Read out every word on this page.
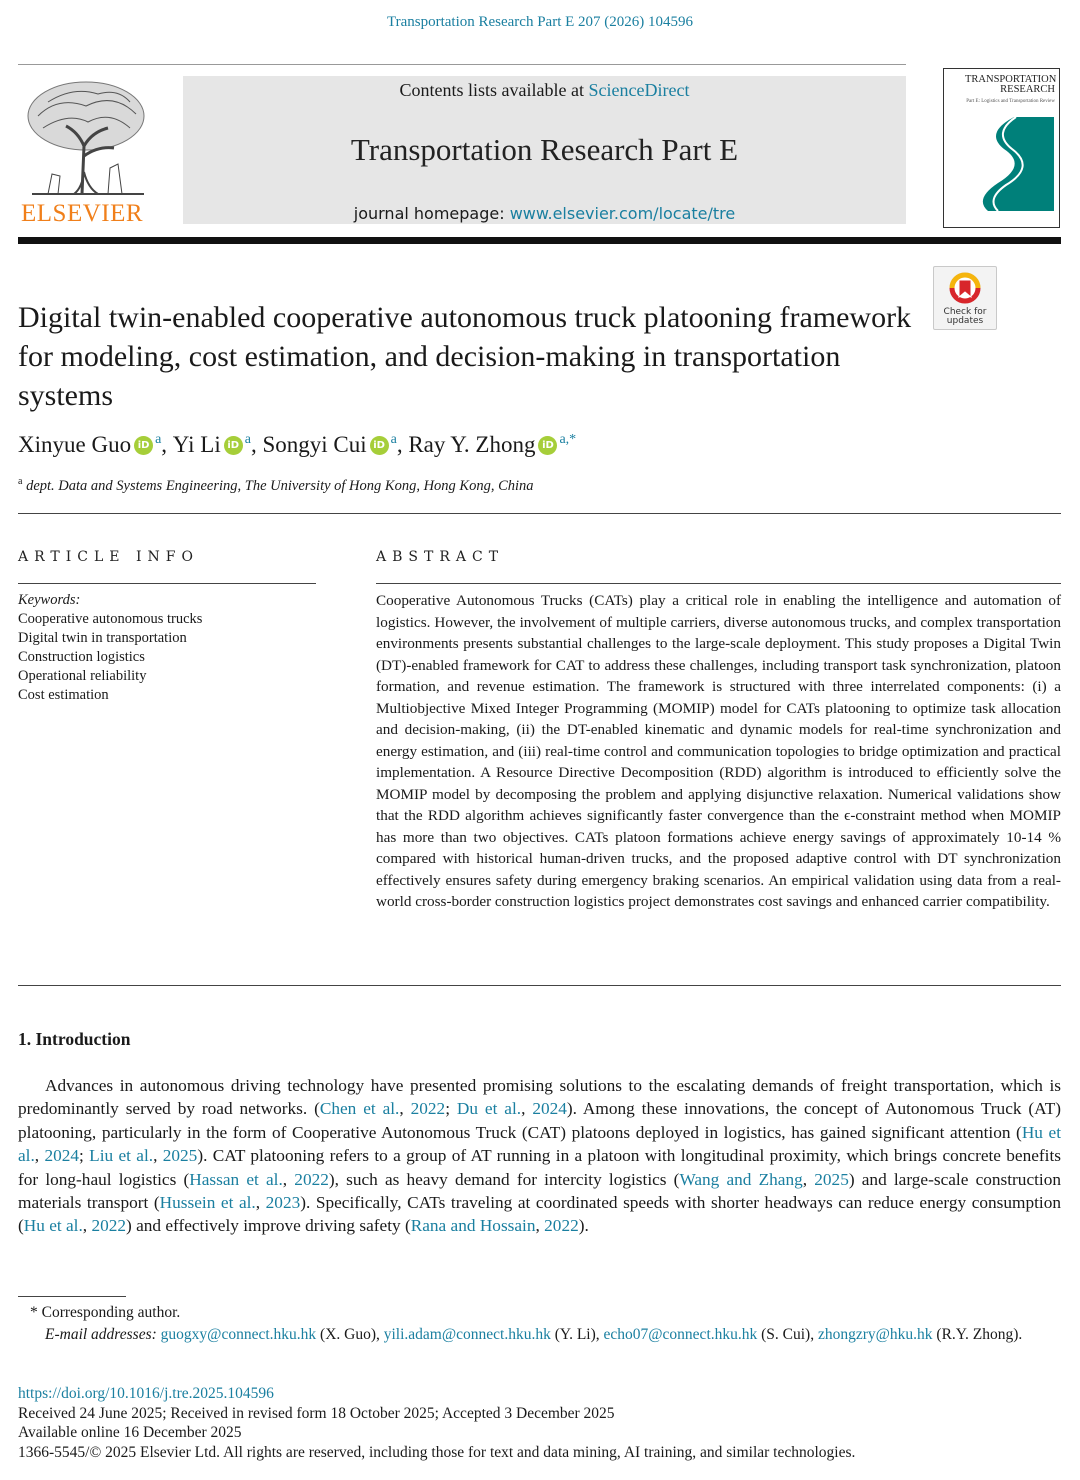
Transportation Research Part E 207 (2026) 104596
ELSEVIER
Contents lists available at ScienceDirect
Transportation Research Part E
journal homepage: www.elsevier.com/locate/tre
TRANSPORTATION RESEARCH
Part E: Logistics and Transportation Review
Check for updates
Digital twin-enabled cooperative autonomous truck platooning framework for modeling, cost estimation, and decision-making in transportation systems
Xinyue Guo iD $^a$, Yi Li iD $^a$, Songyi Cui iD $^a$, Ray Y. Zhong iD $^{a,*}$
$^a$ dept. Data and Systems Engineering, The University of Hong Kong, Hong Kong, China
ARTICLE INFO	ABSTRACT
Keywords:
Cooperative autonomous trucks
Digital twin in transportation
Construction logistics
Operational reliability
Cost estimation

Cooperative Autonomous Trucks (CATs) play a critical role in enabling the intelligence and automation of logistics. However, the involvement of multiple carriers, diverse autonomous trucks, and complex transportation environments presents substantial challenges to the large-scale deployment. This study proposes a Digital Twin (DT)-enabled framework for CAT to address these challenges, including transport task synchronization, platoon formation, and revenue estimation. The framework is structured with three interrelated components: (i) a Multiobjective Mixed Integer Programming (MOMIP) model for CATs platooning to optimize task allocation and decision-making, (ii) the DT-enabled kinematic and dynamic models for real-time synchronization and energy estimation, and (iii) real-time control and communication topologies to bridge optimization and practical implementation. A Resource Directive Decomposition (RDD) algorithm is introduced to efficiently solve the MOMIP model by decomposing the problem and applying disjunctive relaxation. Numerical validations show that the RDD algorithm achieves significantly faster convergence than the ϵ-constraint method when MOMIP has more than two objectives. CATs platoon formations achieve energy savings of approximately 10-14 % compared with historical human-driven trucks, and the proposed adaptive control with DT synchronization effectively ensures safety during emergency braking scenarios. An empirical validation using data from a real-world cross-border construction logistics project demonstrates cost savings and enhanced carrier compatibility.

1. Introduction

Advances in autonomous driving technology have presented promising solutions to the escalating demands of freight transportation, which is predominantly served by road networks. (Chen et al., 2022; Du et al., 2024). Among these innovations, the concept of Autonomous Truck (AT) platooning, particularly in the form of Cooperative Autonomous Truck (CAT) platoons deployed in logistics, has gained significant attention (Hu et al., 2024; Liu et al., 2025). CAT platooning refers to a group of AT running in a platoon with longitudinal proximity, which brings concrete benefits for long-haul logistics (Hassan et al., 2022), such as heavy demand for intercity logistics (Wang and Zhang, 2025) and large-scale construction materials transport (Hussein et al., 2023). Specifically, CATs traveling at coordinated speeds with shorter headways can reduce energy consumption (Hu et al., 2022) and effectively improve driving safety (Rana and Hossain, 2022).

* Corresponding author.
E-mail addresses: guogxy@connect.hku.hk (X. Guo), yili.adam@connect.hku.hk (Y. Li), echo07@connect.hku.hk (S. Cui), zhongzry@hku.hk (R.Y. Zhong).
https://doi.org/10.1016/j.tre.2025.104596
Received 24 June 2025; Received in revised form 18 October 2025; Accepted 3 December 2025
Available online 16 December 2025
1366-5545/© 2025 Elsevier Ltd. All rights are reserved, including those for text and data mining, AI training, and similar technologies.
